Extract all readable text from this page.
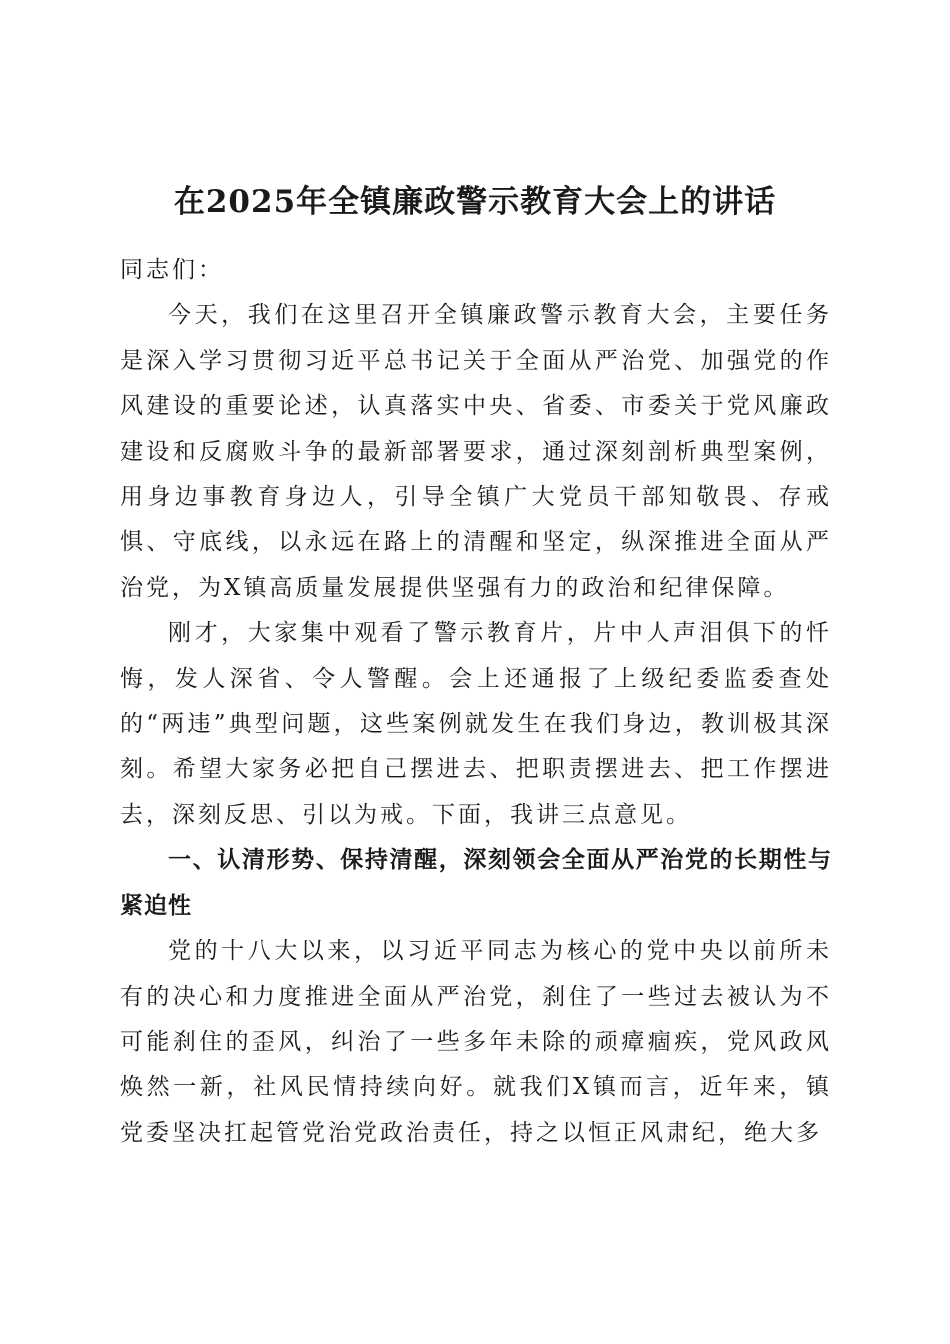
在2025年全镇廉政警示教育大会上的讲话

同志们：

今天，我们在这里召开全镇廉政警示教育大会，主要任务是深入学习贯彻习近平总书记关于全面从严治党、加强党的作风建设的重要论述，认真落实中央、省委、市委关于党风廉政建设和反腐败斗争的最新部署要求，通过深刻剖析典型案例，用身边事教育身边人，引导全镇广大党员干部知敬畏、存戒惧、守底线，以永远在路上的清醒和坚定，纵深推进全面从严治党，为X镇高质量发展提供坚强有力的政治和纪律保障。

刚才，大家集中观看了警示教育片，片中人声泪俱下的忏悔，发人深省、令人警醒。会上还通报了上级纪委监委查处的“两违”典型问题，这些案例就发生在我们身边，教训极其深刻。希望大家务必把自己摆进去、把职责摆进去、把工作摆进去，深刻反思、引以为戒。下面，我讲三点意见。

一、认清形势、保持清醒，深刻领会全面从严治党的长期性与紧迫性

党的十八大以来，以习近平同志为核心的党中央以前所未有的决心和力度推进全面从严治党，刹住了一些过去被认为不可能刹住的歪风，纠治了一些多年未除的顽瘴痼疾，党风政风焕然一新，社风民情持续向好。就我们X镇而言，近年来，镇党委坚决扛起管党治党政治责任，持之以恒正风肃纪，绝大多
